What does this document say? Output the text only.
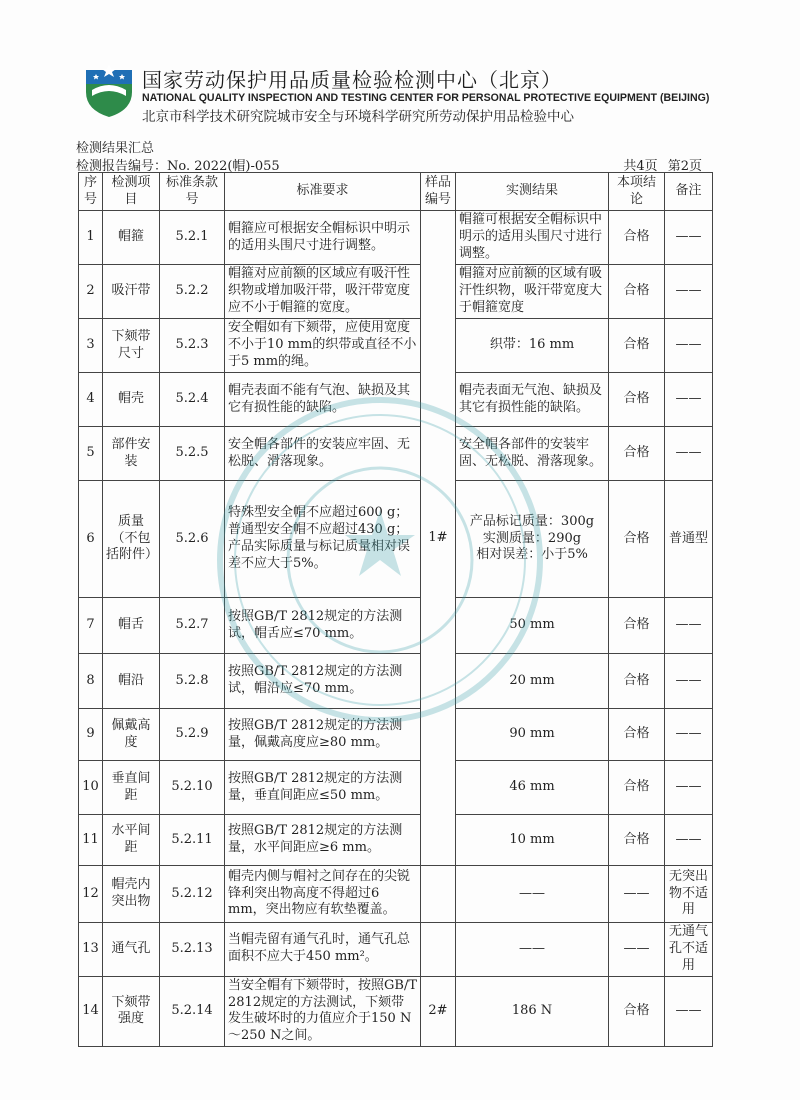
国家劳动保护用品质量检验检测中心（北京）
NATIONAL QUALITY INSPECTION AND TESTING CENTER FOR PERSONAL PROTECTIVE EQUIPMENT (BEIJING)
北京市科学技术研究院城市安全与环境科学研究所劳动保护用品检验中心
检测结果汇总
检测报告编号：No. 2022(帽)-055	共4页 第2页
序号	检测项目	标准条款号	标准要求	样品编号	实测结果	本项结论	备注
1	帽箍	5.2.1	帽箍应可根据安全帽标识中明示的适用头围尺寸进行调整。	1#	帽箍可根据安全帽标识中明示的适用头围尺寸进行调整。	合格	——
2	吸汗带	5.2.2	帽箍对应前额的区域应有吸汗性织物或增加吸汗带，吸汗带宽度应不小于帽箍的宽度。		帽箍对应前额的区域有吸汗性织物，吸汗带宽度大于帽箍宽度	合格	——
3	下颏带尺寸	5.2.3	安全帽如有下颏带，应使用宽度不小于10 mm的织带或直径不小于5 mm的绳。		织带：16 mm	合格	——
4	帽壳	5.2.4	帽壳表面不能有气泡、缺损及其它有损性能的缺陷。		帽壳表面无气泡、缺损及其它有损性能的缺陷。	合格	——
5	部件安装	5.2.5	安全帽各部件的安装应牢固、无松脱、滑落现象。		安全帽各部件的安装牢固、无松脱、滑落现象。	合格	——
6	质量（不包括附件）	5.2.6	特殊型安全帽不应超过600 g；普通型安全帽不应超过430 g；产品实际质量与标记质量相对误差不应大于5%。		产品标记质量：300g
实测质量：290g
相对误差：小于5%	合格	普通型
7	帽舌	5.2.7	按照GB/T 2812规定的方法测试，帽舌应≤70 mm。		50 mm	合格	——
8	帽沿	5.2.8	按照GB/T 2812规定的方法测试，帽沿应≤70 mm。		20 mm	合格	——
9	佩戴高度	5.2.9	按照GB/T 2812规定的方法测量，佩戴高度应≥80 mm。		90 mm	合格	——
10	垂直间距	5.2.10	按照GB/T 2812规定的方法测量，垂直间距应≤50 mm。		46 mm	合格	——
11	水平间距	5.2.11	按照GB/T 2812规定的方法测量，水平间距应≥6 mm。		10 mm	合格	——
12	帽壳内突出物	5.2.12	帽壳内侧与帽衬之间存在的尖锐锋利突出物高度不得超过6 mm，突出物应有软垫覆盖。		——	——	无突出物不适用
13	通气孔	5.2.13	当帽壳留有通气孔时，通气孔总面积不应大于450 mm²。		——	——	无通气孔不适用
14	下颏带强度	5.2.14	当安全帽有下颏带时，按照GB/T 2812规定的方法测试，下颏带发生破坏时的力值应介于150 N～250 N之间。	2#	186 N	合格	——
